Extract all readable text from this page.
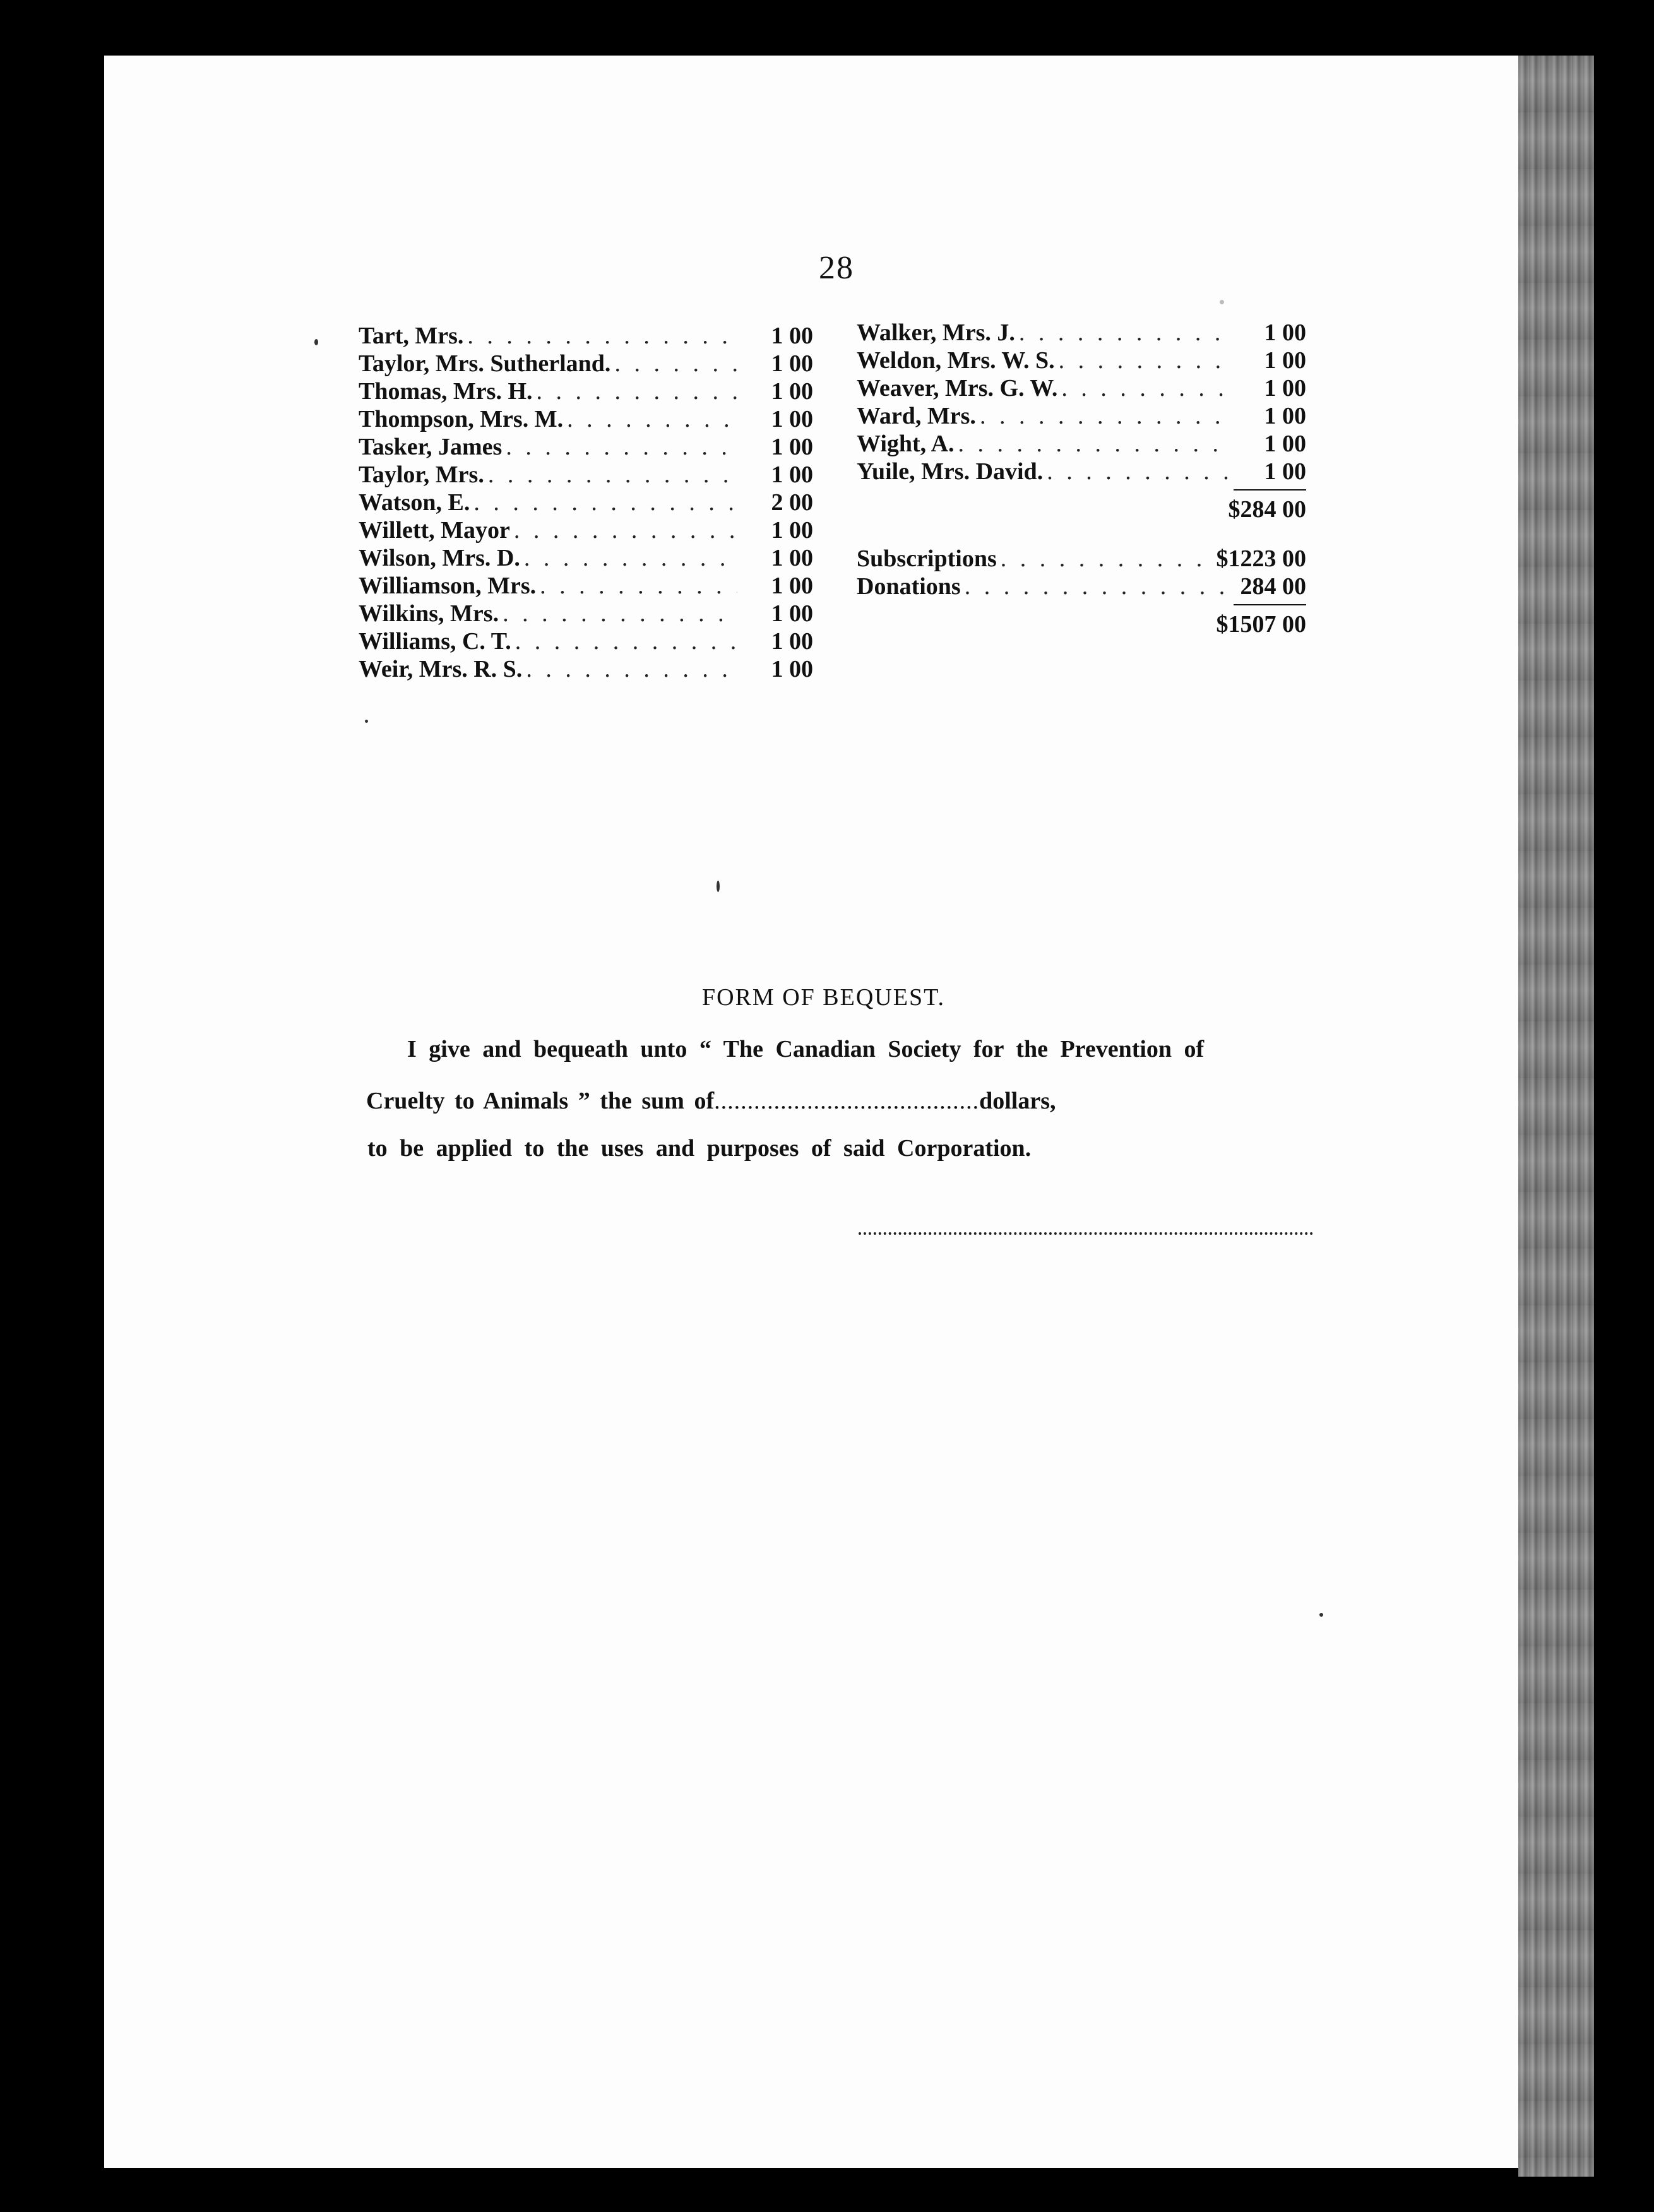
28
Tart, Mrs. . . .	1 00
Taylor, Mrs. Sutherland. . . .	1 00
Thomas, Mrs. H. . . .	1 00
Thompson, Mrs. M. . . .	1 00
Tasker, James . . .	1 00
Taylor, Mrs. . . .	1 00
Watson, E. . . .	2 00
Willett, Mayor . . .	1 00
Wilson, Mrs. D. . . .	1 00
Williamson, Mrs. . . .	1 00
Wilkins, Mrs. . . .	1 00
Williams, C. T. . . .	1 00
Weir, Mrs. R. S. . . .	1 00
Walker, Mrs. J. . . .	1 00
Weldon, Mrs. W. S. . . .	1 00
Weaver, Mrs. G. W. . . .	1 00
Ward, Mrs. . . .	1 00
Wight, A. . . .	1 00
Yuile, Mrs. David. . . .	1 00
$284 00
Subscriptions . . .	$1223 00
Donations . . .	284 00
$1507 00
FORM OF BEQUEST.
I give and bequeath unto “ The Canadian Society for the Prevention of
Cruelty to Animals ” the sum of .....	dollars,
to be applied to the uses and purposes of said Corporation.
